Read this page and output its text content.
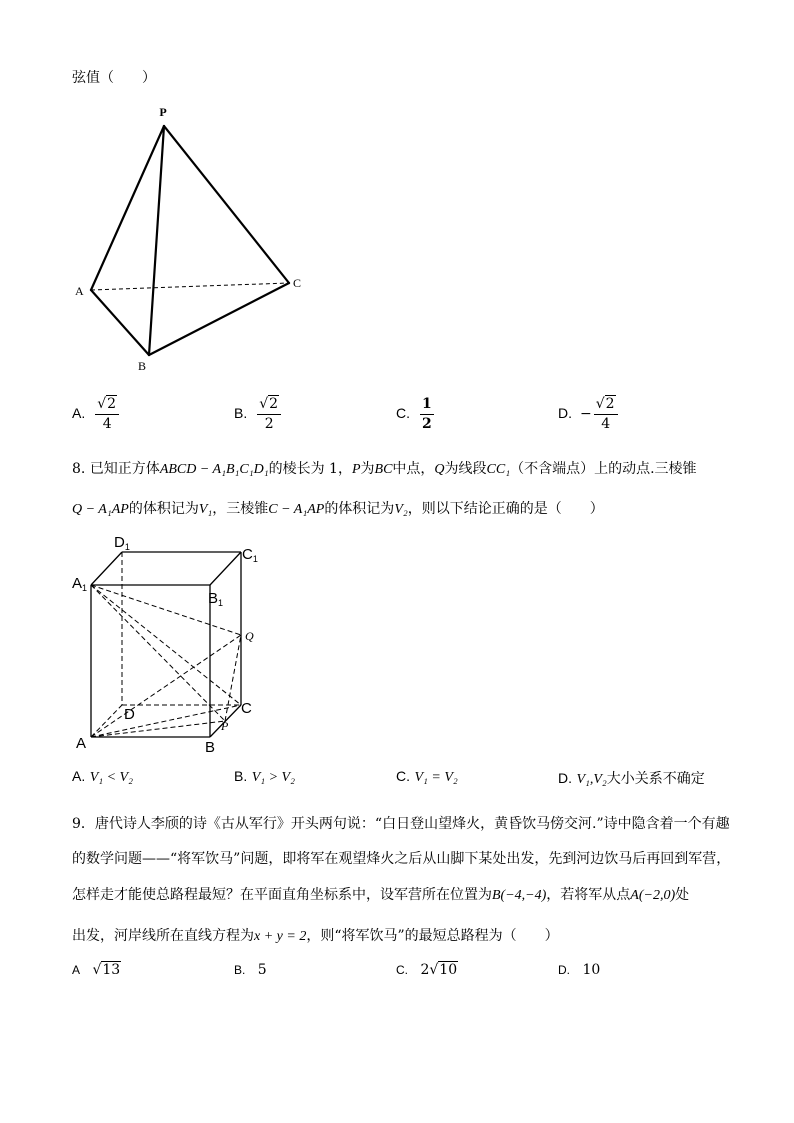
弦值（　　）
P
A
B
C
A. $\frac{√2}{4}$	B. $\frac{√2}{2}$	C. $\frac{1}{2}$	D. − $\frac{√2}{4}$
8. 已知正方体ABCD − A₁B₁C₁D₁的棱长为 1，P为BC中点，Q为线段CC₁（不含端点）上的动点.三棱锥
Q − A₁AP的体积记为V₁，三棱锥C − A₁AP的体积记为V₂，则以下结论正确的是（　　）
$D_1$	$C_1$
$A_1$
$B_1$
Q
D	C
P
A	B
A. V₁ < V₂	B. V₁ > V₂	C. V₁ = V₂	D. V₁,V₂大小关系不确定
9．唐代诗人李颀的诗《古从军行》开头两句说：“白日登山望烽火，黄昏饮马傍交河.”诗中隐含着一个有趣
的数学问题——“将军饮马”问题，即将军在观望烽火之后从山脚下某处出发，先到河边饮马后再回到军营，
怎样走才能使总路程最短？在平面直角坐标系中，设军营所在位置为B(−4,−4)，若将军从点A(−2,0)处
出发，河岸线所在直线方程为x + y = 2，则“将军饮马”的最短总路程为（　　）
A √13	B. 5	C. 2√10	D. 10
